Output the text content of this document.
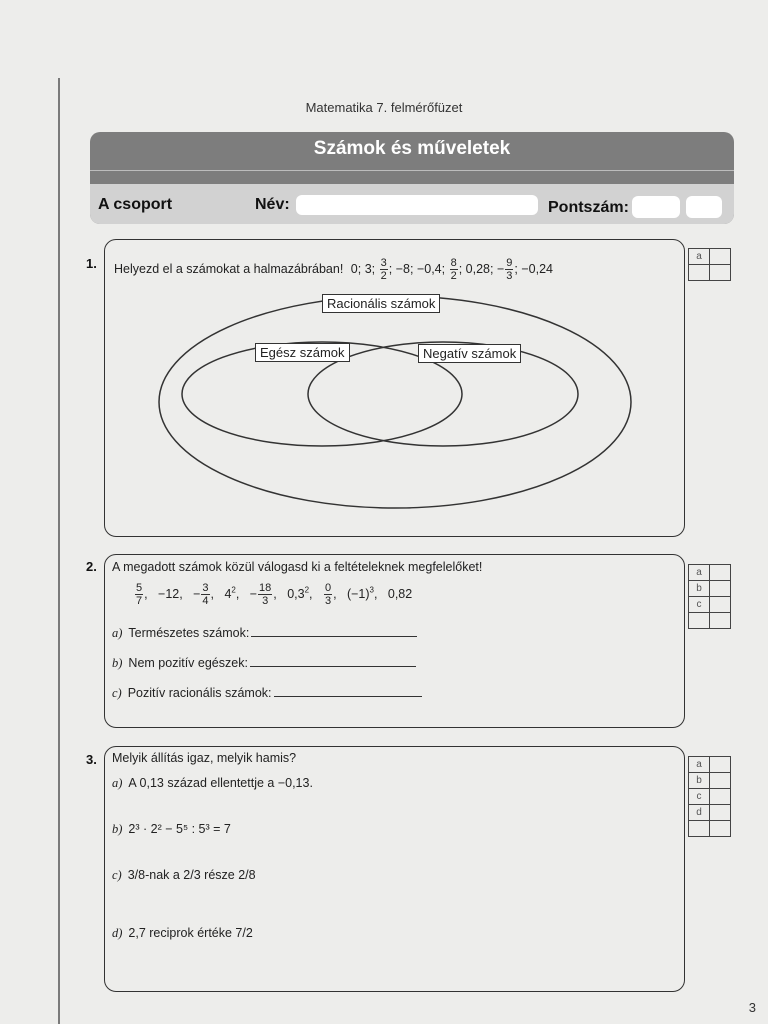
Matematika 7. felmérőfüzet
Számok és műveletek
A csoport	Név:	Pontszám:
1. Helyezd el a számokat a halmazábrában! 0; 3; $\frac{3}{2}$ ; −8; −0,4; $\frac{8}{2}$ ; 0,28; − $\frac{9}{3}$ ; −0,24
Racionális számok
Egész számok	Negatív számok
a	

2. A megadott számok közül válogasd ki a feltételeknek megfelelőket!
$\frac{5}{7}$ ,   −12,   − $\frac{3}{4}$ ,   $4^2$,   − $\frac{18}{3}$ ,   $0,3^2$, $\frac{0}{3}$ ,   $(-1)^3$,   0,82
a) Természetes számok:
b) Nem pozitív egészek:
c) Pozitív racionális számok:
a	
b	
c	

3. Melyik állítás igaz, melyik hamis?
a) A 0,13 század ellentettje a −0,13.
b) 2³ · 2² − 5⁵ : 5³ = 7
c) 3/8-nak a 2/3 része 2/8
d) 2,7 reciprok értéke 7/2
a	
b	
c	
d	

3
